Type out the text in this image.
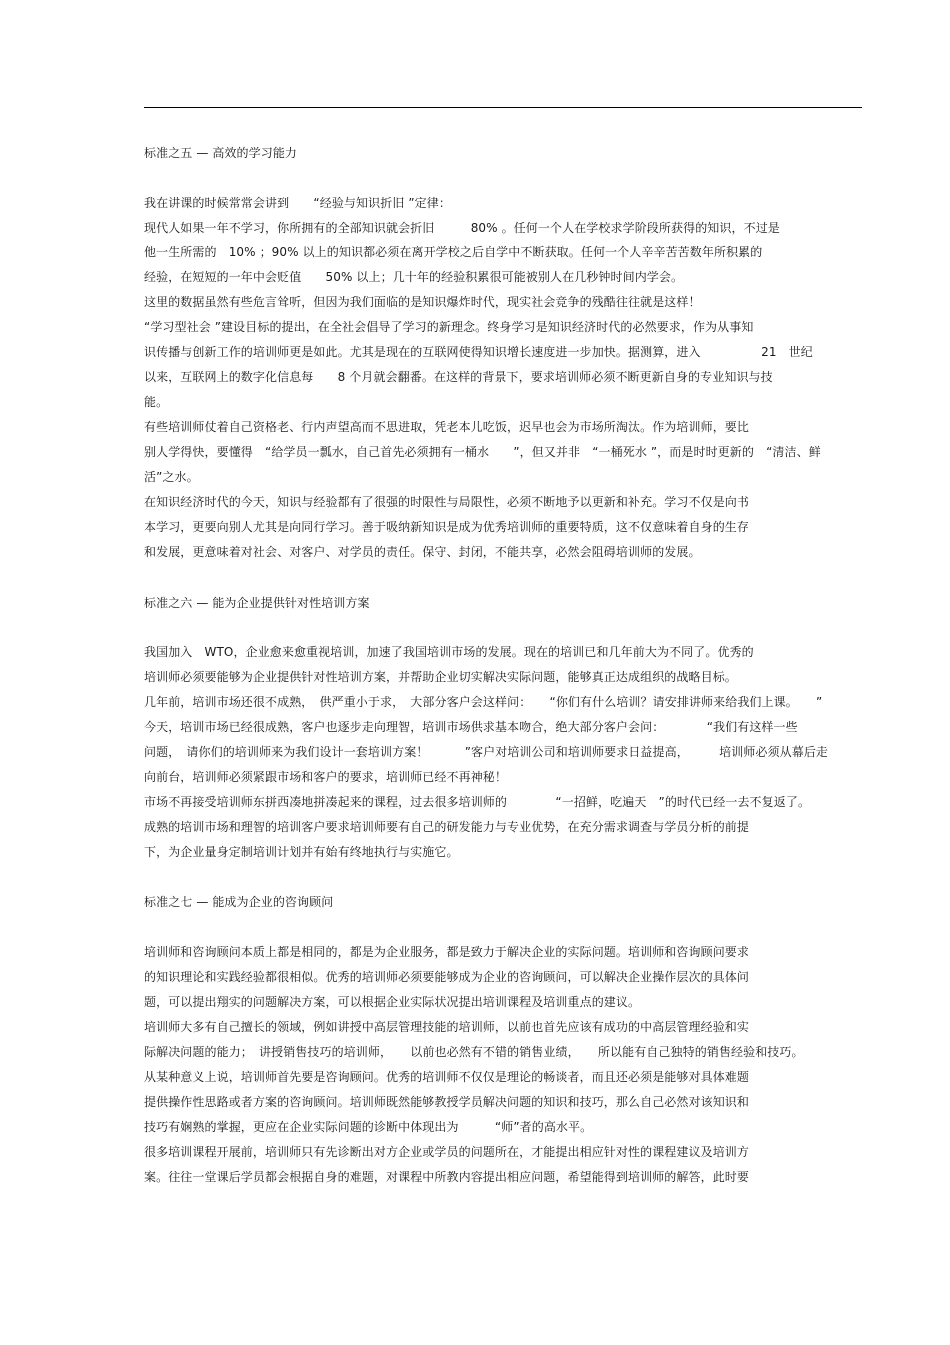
标准之五 — 高效的学习能力
我在讲课的时候常常会讲到　　“经验与知识折旧 ”定律：
现代人如果一年不学习，你所拥有的全部知识就会折旧　　　80% 。任何一个人在学校求学阶段所获得的知识，不过是
他一生所需的　10% ；90% 以上的知识都必须在离开学校之后自学中不断获取。任何一个人辛辛苦苦数年所积累的
经验，在短短的一年中会贬值　　50% 以上；几十年的经验积累很可能被别人在几秒钟时间内学会。
这里的数据虽然有些危言耸听，但因为我们面临的是知识爆炸时代，现实社会竞争的残酷往往就是这样！
“学习型社会 ”建设目标的提出，在全社会倡导了学习的新理念。终身学习是知识经济时代的必然要求，作为从事知
识传播与创新工作的培训师更是如此。尤其是现在的互联网使得知识增长速度进一步加快。据测算，进入　　　　　21　世纪
以来，互联网上的数字化信息每　　8 个月就会翻番。在这样的背景下，要求培训师必须不断更新自身的专业知识与技
能。
有些培训师仗着自己资格老、行内声望高而不思进取，凭老本儿吃饭，迟早也会为市场所淘汰。作为培训师，要比
别人学得快，要懂得　“给学员一瓢水，自己首先必须拥有一桶水　　”，但又并非　“一桶死水 ”，而是时时更新的　“清洁、鲜
活”之水。
在知识经济时代的今天，知识与经验都有了很强的时限性与局限性，必须不断地予以更新和补充。学习不仅是向书
本学习，更要向别人尤其是向同行学习。善于吸纳新知识是成为优秀培训师的重要特质，这不仅意味着自身的生存
和发展，更意味着对社会、对客户、对学员的责任。保守、封闭，不能共享，必然会阻碍培训师的发展。
标准之六 — 能为企业提供针对性培训方案
我国加入　WTO，企业愈来愈重视培训，加速了我国培训市场的发展。现在的培训已和几年前大为不同了。优秀的
培训师必须要能够为企业提供针对性培训方案，并帮助企业切实解决实际问题，能够真正达成组织的战略目标。
几年前，培训市场还很不成熟，　供严重小于求，　大部分客户会这样问：　　“你们有什么培训？请安排讲师来给我们上课。　　”
今天，培训市场已经很成熟，客户也逐步走向理智，培训市场供求基本吻合，绝大部分客户会问：　　　　“我们有这样一些
问题，　请你们的培训师来为我们设计一套培训方案！　　　”客户对培训公司和培训师要求日益提高，　　　培训师必须从幕后走
向前台，培训师必须紧跟市场和客户的要求，培训师已经不再神秘！
市场不再接受培训师东拼西凑地拼凑起来的课程，过去很多培训师的　　　　“一招鲜，吃遍天　”的时代已经一去不复返了。
成熟的培训市场和理智的培训客户要求培训师要有自己的研发能力与专业优势，在充分需求调查与学员分析的前提
下，为企业量身定制培训计划并有始有终地执行与实施它。
标准之七 — 能成为企业的咨询顾问
培训师和咨询顾问本质上都是相同的，都是为企业服务，都是致力于解决企业的实际问题。培训师和咨询顾问要求
的知识理论和实践经验都很相似。优秀的培训师必须要能够成为企业的咨询顾问，可以解决企业操作层次的具体问
题，可以提出翔实的问题解决方案，可以根据企业实际状况提出培训课程及培训重点的建议。
培训师大多有自己擅长的领域，例如讲授中高层管理技能的培训师，以前也首先应该有成功的中高层管理经验和实
际解决问题的能力；　讲授销售技巧的培训师，　　以前也必然有不错的销售业绩，　　所以能有自己独特的销售经验和技巧。
从某种意义上说，培训师首先要是咨询顾问。优秀的培训师不仅仅是理论的畅谈者，而且还必须是能够对具体难题
提供操作性思路或者方案的咨询顾问。培训师既然能够教授学员解决问题的知识和技巧，那么自己必然对该知识和
技巧有娴熟的掌握，更应在企业实际问题的诊断中体现出为　　　“师”者的高水平。
很多培训课程开展前，培训师只有先诊断出对方企业或学员的问题所在，才能提出相应针对性的课程建议及培训方
案。往往一堂课后学员都会根据自身的难题，对课程中所教内容提出相应问题，希望能得到培训师的解答，此时要
